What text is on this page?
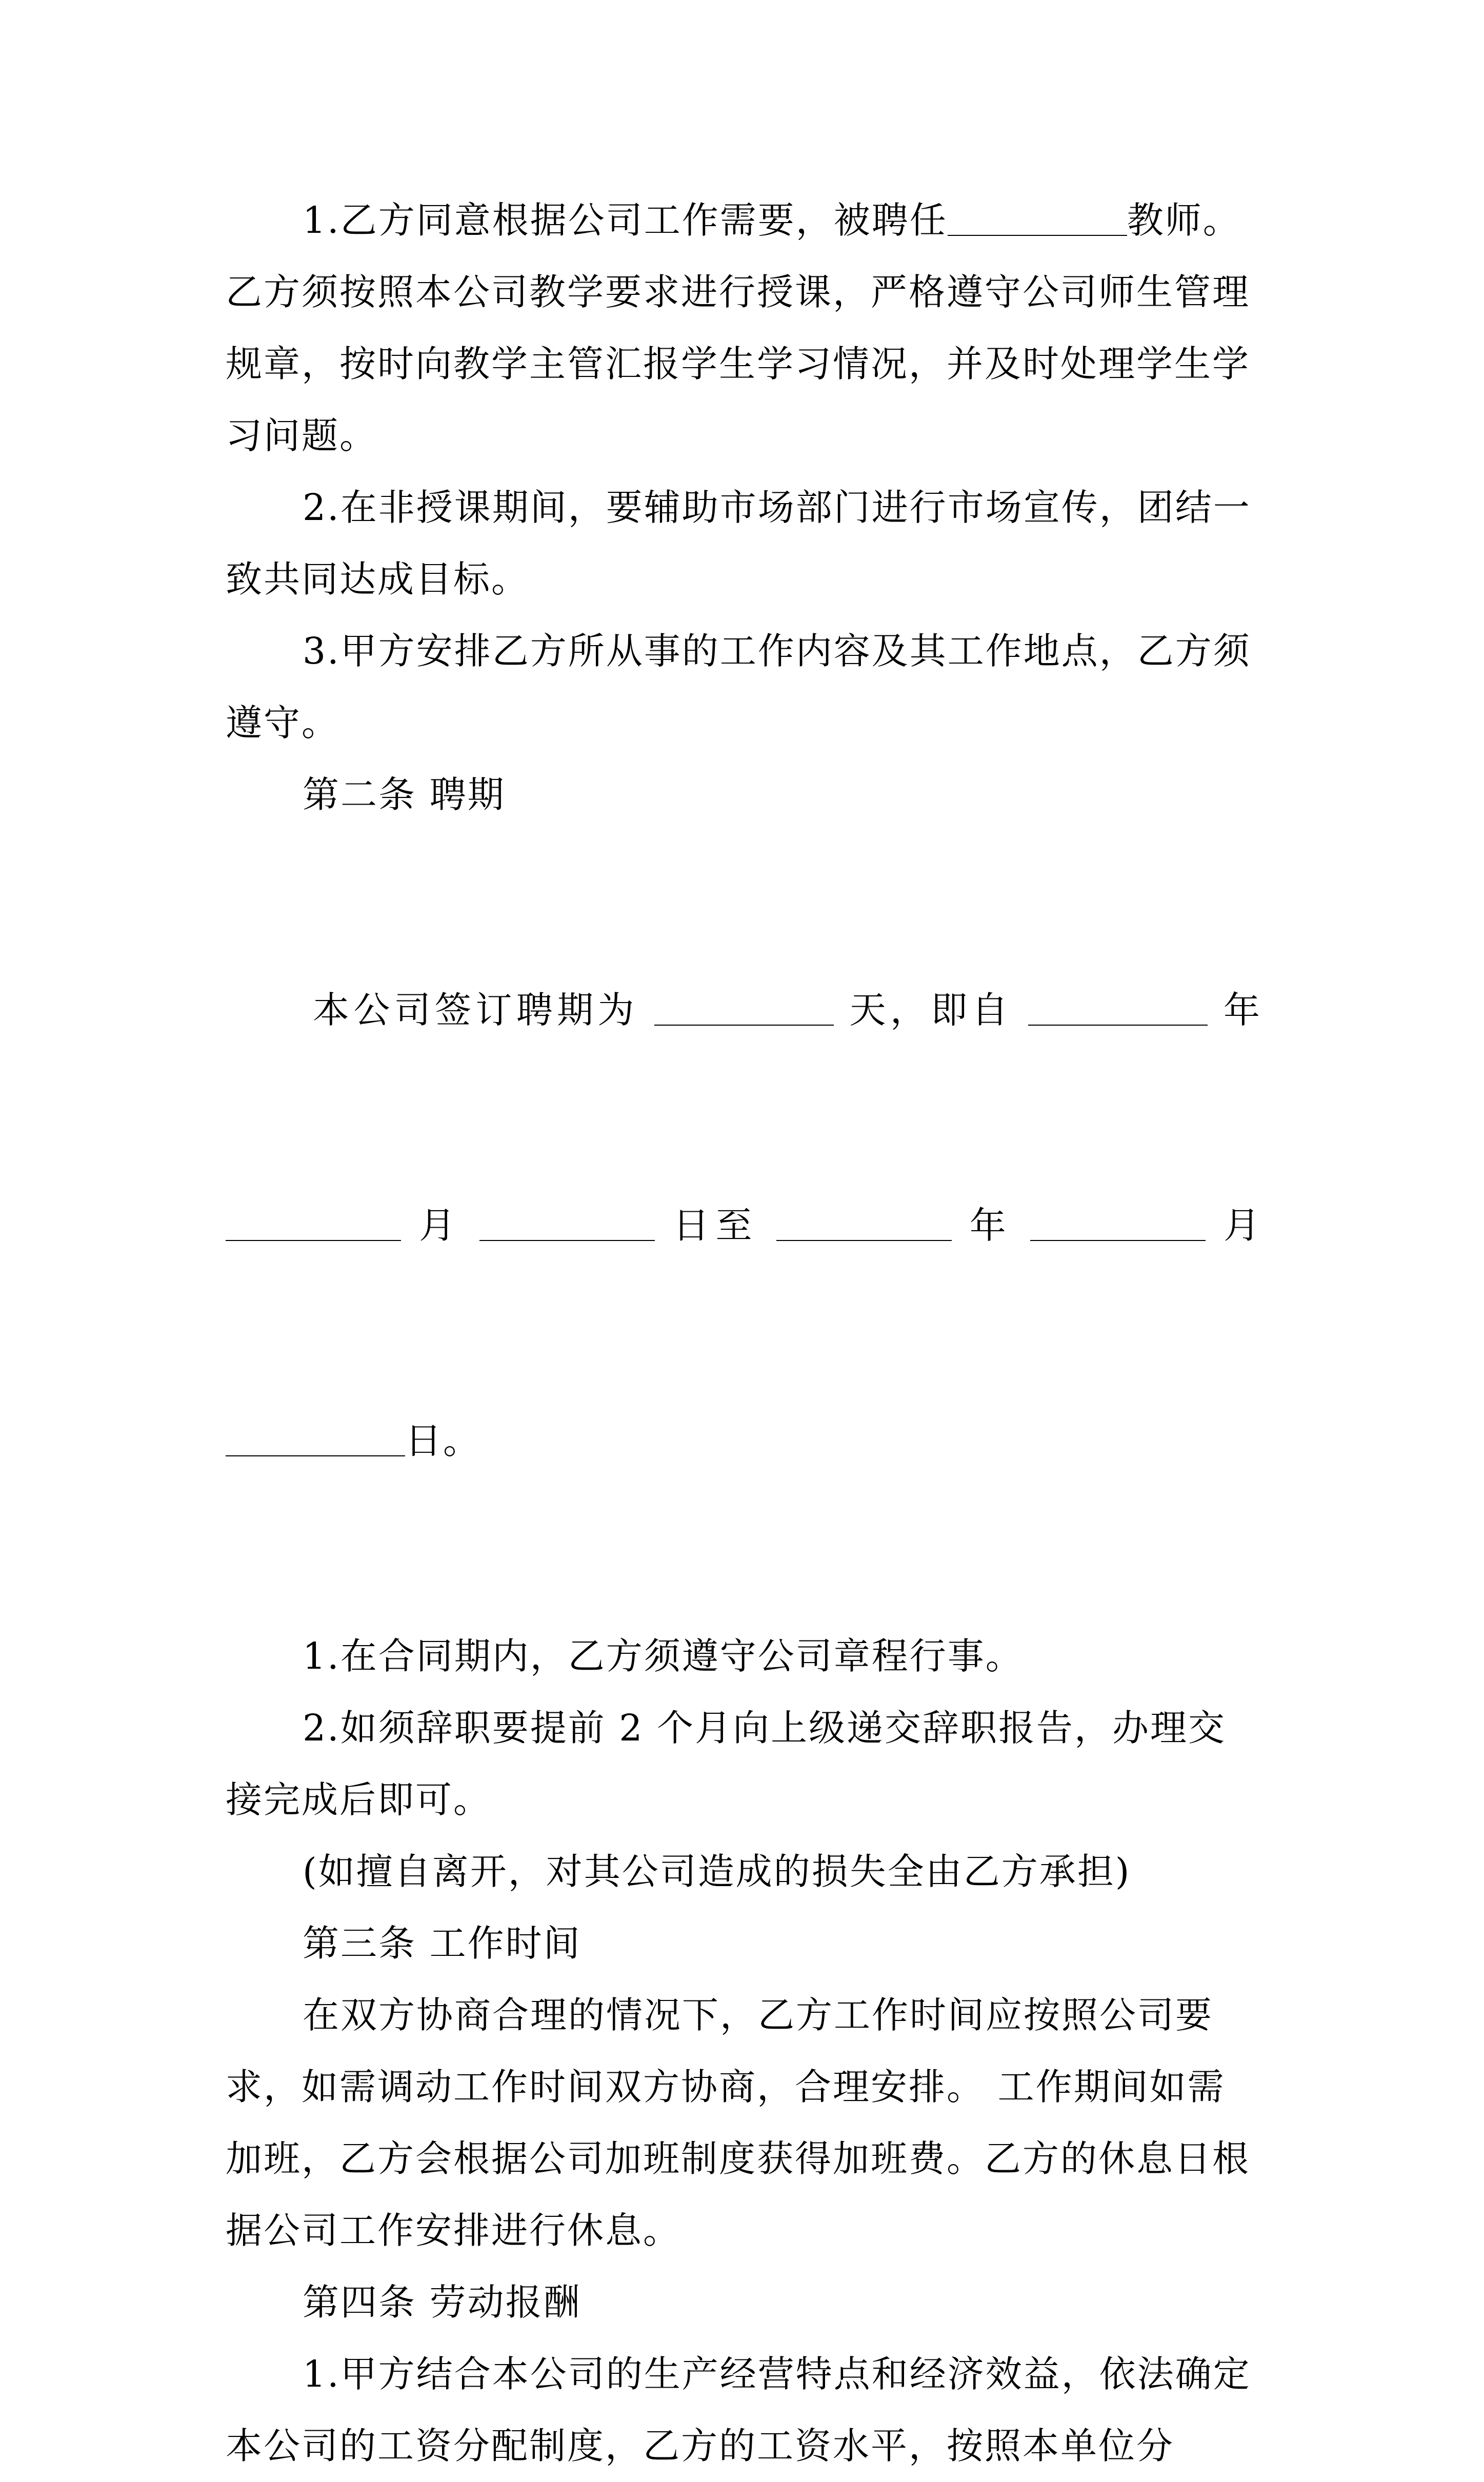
1.乙方同意根据公司工作需要，被聘任	教师。乙方须按照本公司教学要求进行授课，严格遵守公司师生管理规章，按时向教学主管汇报学生学习情况，并及时处理学生学习问题。

2.在非授课期间，要辅助市场部门进行市场宣传，团结一致共同达成目标。

3.甲方安排乙方所从事的工作内容及其工作地点，乙方须遵守。

第二条 聘期

本公司签订聘期为	天，即自	年

月	日至	年	月

日。

1.在合同期内，乙方须遵守公司章程行事。

2.如须辞职要提前 2 个月向上级递交辞职报告，办理交接完成后即可。

(如擅自离开，对其公司造成的损失全由乙方承担)

第三条 工作时间

在双方协商合理的情况下，乙方工作时间应按照公司要求，如需调动工作时间双方协商，合理安排。 工作期间如需加班，乙方会根据公司加班制度获得加班费。乙方的休息日根据公司工作安排进行休息。

第四条 劳动报酬

1.甲方结合本公司的生产经营特点和经济效益，依法确定本公司的工资分配制度，乙方的工资水平，按照本单位分
